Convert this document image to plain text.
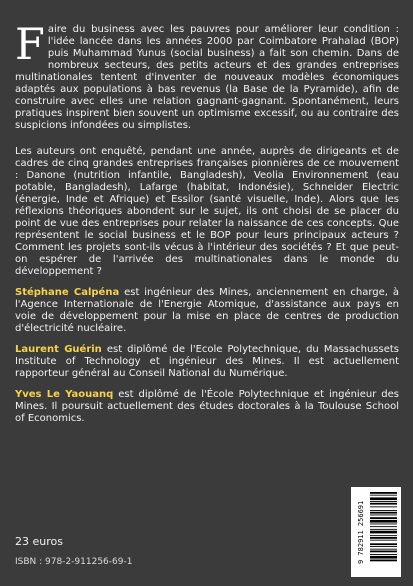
Faire du business avec les pauvres pour améliorer leur condition : l'idée lancée dans les années 2000 par Coimbatore Prahalad (BOP) puis Muhammad Yunus (social business) a fait son chemin. Dans de nombreux secteurs, des petits acteurs et des grandes entreprises multinationales tentent d'inventer de nouveaux modèles économiques adaptés aux populations à bas revenus (la Base de la Pyramide), afin de construire avec elles une relation gagnant-gagnant. Spontanément, leurs pratiques inspirent bien souvent un optimisme excessif, ou au contraire des suspicions infondées ou simplistes.

Les auteurs ont enquêté, pendant une année, auprès de dirigeants et de cadres de cinq grandes entreprises françaises pionnières de ce mouvement : Danone (nutrition infantile, Bangladesh), Veolia Environnement (eau potable, Bangladesh), Lafarge (habitat, Indonésie), Schneider Electric (énergie, Inde et Afrique) et Essilor (santé visuelle, Inde). Alors que les réflexions théoriques abondent sur le sujet, ils ont choisi de se placer du point de vue des entreprises pour relater la naissance de ces concepts. Que représentent le social business et le BOP pour leurs principaux acteurs ? Comment les projets sont-ils vécus à l'intérieur des sociétés ? Et que peut-on espérer de l'arrivée des multinationales dans le monde du développement ?

Stéphane Calpéna est ingénieur des Mines, anciennement en charge, à l'Agence Internationale de l'Energie Atomique, d'assistance aux pays en voie de développement pour la mise en place de centres de production d'électricité nucléaire.

Laurent Guérin est diplômé de l'Ecole Polytechnique, du Massachussets Institute of Technology et ingénieur des Mines. Il est actuellement rapporteur général au Conseil National du Numérique.

Yves Le Yaouanq est diplômé de l'École Polytechnique et ingénieur des Mines. Il poursuit actuellement des études doctorales à la Toulouse School of Economics.

23 euros
ISBN : 978-2-911256-69-1	9 782911 256691
